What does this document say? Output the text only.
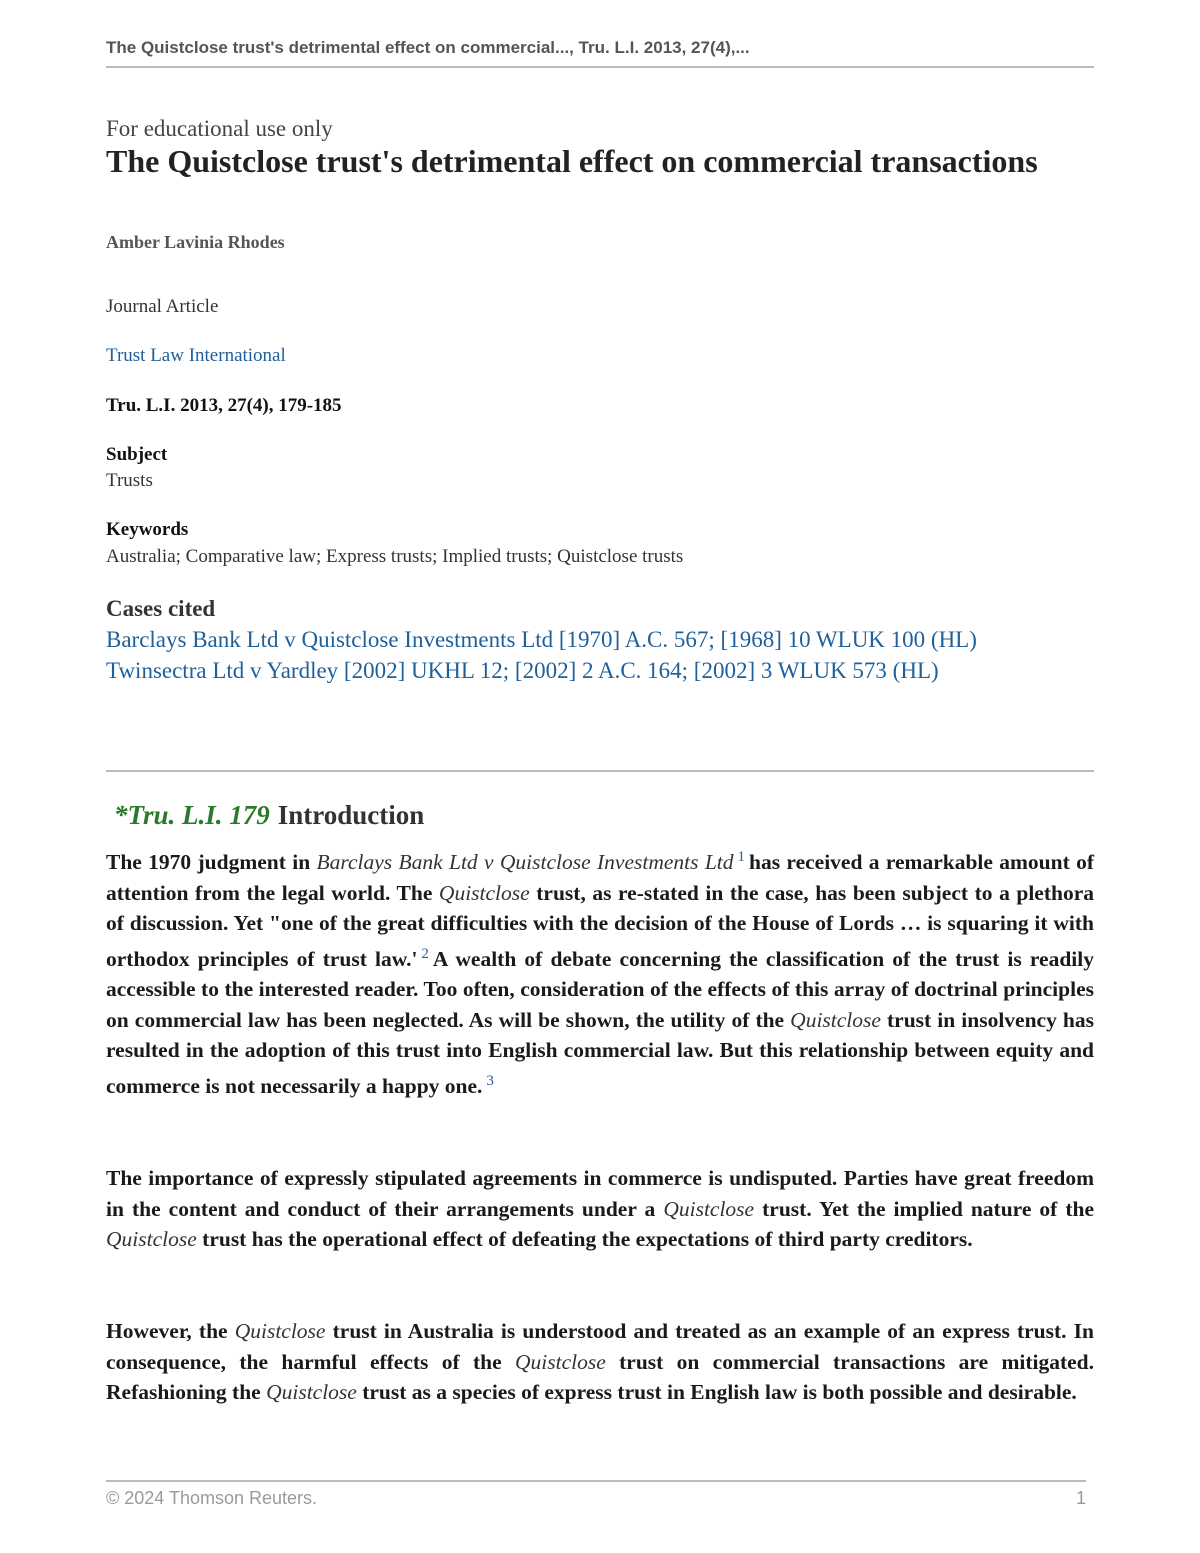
The Quistclose trust's detrimental effect on commercial..., Tru. L.I. 2013, 27(4),...
For educational use only
The Quistclose trust's detrimental effect on commercial transactions
Amber Lavinia Rhodes
Journal Article
Trust Law International
Tru. L.I. 2013, 27(4), 179-185
Subject
Trusts
Keywords
Australia; Comparative law; Express trusts; Implied trusts; Quistclose trusts
Cases cited
Barclays Bank Ltd v Quistclose Investments Ltd [1970] A.C. 567; [1968] 10 WLUK 100 (HL)
Twinsectra Ltd v Yardley [2002] UKHL 12; [2002] 2 A.C. 164; [2002] 3 WLUK 573 (HL)
*Tru. L.I. 179 Introduction

The 1970 judgment in Barclays Bank Ltd v Quistclose Investments Ltd $^1$ has received a remarkable amount of attention from the legal world. The Quistclose trust, as re-stated in the case, has been subject to a plethora of discussion. Yet "one of the great difficulties with the decision of the House of Lords … is squaring it with orthodox principles of trust law.' $^2$ A wealth of debate concerning the classification of the trust is readily accessible to the interested reader. Too often, consideration of the effects of this array of doctrinal principles on commercial law has been neglected. As will be shown, the utility of the Quistclose trust in insolvency has resulted in the adoption of this trust into English commercial law. But this relationship between equity and commerce is not necessarily a happy one. $^3$

The importance of expressly stipulated agreements in commerce is undisputed. Parties have great freedom in the content and conduct of their arrangements under a Quistclose trust. Yet the implied nature of the Quistclose trust has the operational effect of defeating the expectations of third party creditors.

However, the Quistclose trust in Australia is understood and treated as an example of an express trust. In consequence, the harmful effects of the Quistclose trust on commercial transactions are mitigated. Refashioning the Quistclose trust as a species of express trust in English law is both possible and desirable.

© 2024 Thomson Reuters.	1
